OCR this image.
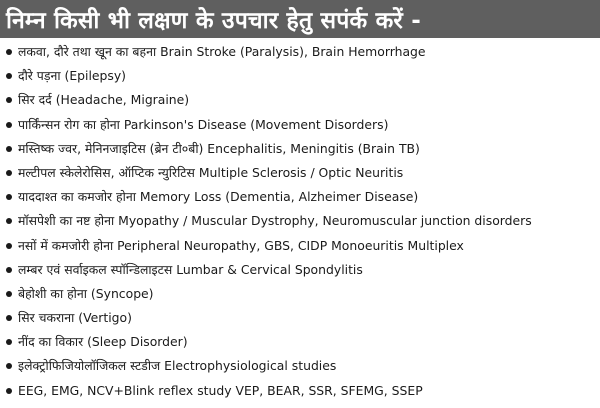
निम्न किसी भी लक्षण के उपचार हेतु सपंर्क करें -
लकवा, दौरे तथा खून का बहना Brain Stroke (Paralysis), Brain Hemorrhage
दौरे पड़ना (Epilepsy)
सिर दर्द (Headache, Migraine)
पार्किंन्सन रोग का होना Parkinson's Disease (Movement Disorders)
मस्तिष्क ज्वर, मेनिनजाइटिस (ब्रेन टी०बी) Encephalitis, Meningitis (Brain TB)
मल्टीपल स्केलेरोसिस, ऑप्टिक न्युरिटिस Multiple Sclerosis / Optic Neuritis
याददाश्त का कमजोर होना Memory Loss (Dementia, Alzheimer Disease)
मॉसपेशी का नष्ट होना Myopathy / Muscular Dystrophy, Neuromuscular junction disorders
नसों में कमजोरी होना Peripheral Neuropathy, GBS, CIDP Monoeuritis Multiplex
लम्बर एवं सर्वाइकल स्पॉन्डिलाइटस Lumbar & Cervical Spondylitis
बेहोशी का होना (Syncope)
सिर चकराना (Vertigo)
नींद का विकार (Sleep Disorder)
इलेक्ट्रोफिजियोलॉजिकल स्टडीज Electrophysiological studies
EEG, EMG, NCV+Blink reflex study VEP, BEAR, SSR, SFEMG, SSEP
